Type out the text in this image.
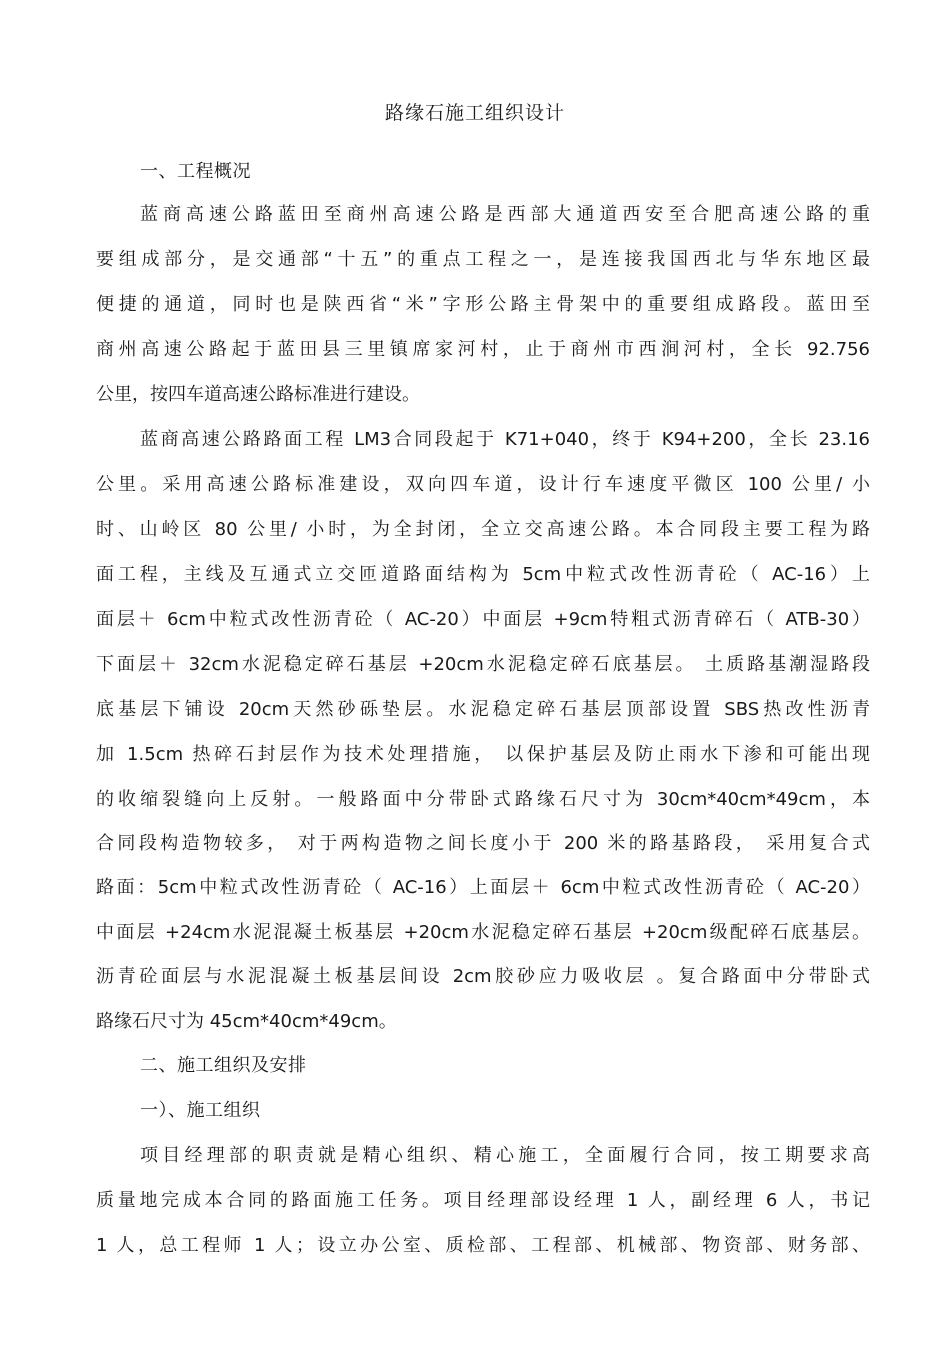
路缘石施工组织设计
一、工程概况
蓝商高速公路蓝田至商州高速公路是西部大通道西安至合肥高速公路的重
要组成部分，是交通部“十五”的重点工程之一，是连接我国西北与华东地区最
便捷的通道，同时也是陕西省“米”字形公路主骨架中的重要组成路段。蓝田至
商州高速公路起于蓝田县三里镇席家河村，止于商州市西涧河村，全长 92.756
公里，按四车道高速公路标准进行建设。
蓝商高速公路路面工程 LM3合同段起于 K71+040，终于 K94+200，全长 23.16
公里。采用高速公路标准建设，双向四车道，设计行车速度平微区 100 公里/ 小
时、山岭区 80 公里/ 小时，为全封闭，全立交高速公路。本合同段主要工程为路
面工程，主线及互通式立交匝道路面结构为 5cm中粒式改性沥青砼（ AC-16）上
面层＋ 6cm中粒式改性沥青砼（ AC-20）中面层 +9cm特粗式沥青碎石（ ATB-30）
下面层＋ 32cm水泥稳定碎石基层 +20cm水泥稳定碎石底基层。 土质路基潮湿路段
底基层下铺设 20cm天然砂砾垫层。水泥稳定碎石基层顶部设置 SBS热改性沥青
加 1.5cm 热碎石封层作为技术处理措施， 以保护基层及防止雨水下渗和可能出现
的收缩裂缝向上反射。一般路面中分带卧式路缘石尺寸为 30cm*40cm*49cm，本
合同段构造物较多， 对于两构造物之间长度小于 200 米的路基路段， 采用复合式
路面：5cm中粒式改性沥青砼（ AC-16）上面层＋ 6cm中粒式改性沥青砼（ AC-20）
中面层 +24cm水泥混凝土板基层 +20cm水泥稳定碎石基层 +20cm级配碎石底基层。
沥青砼面层与水泥混凝土板基层间设 2cm胶砂应力吸收层 。复合路面中分带卧式
路缘石尺寸为 45cm*40cm*49cm。
二、施工组织及安排
一）、施工组织
项目经理部的职责就是精心组织、精心施工，全面履行合同，按工期要求高
质量地完成本合同的路面施工任务。项目经理部设经理 1 人，副经理 6 人，书记
1 人，总工程师 1 人；设立办公室、质检部、工程部、机械部、物资部、财务部、
